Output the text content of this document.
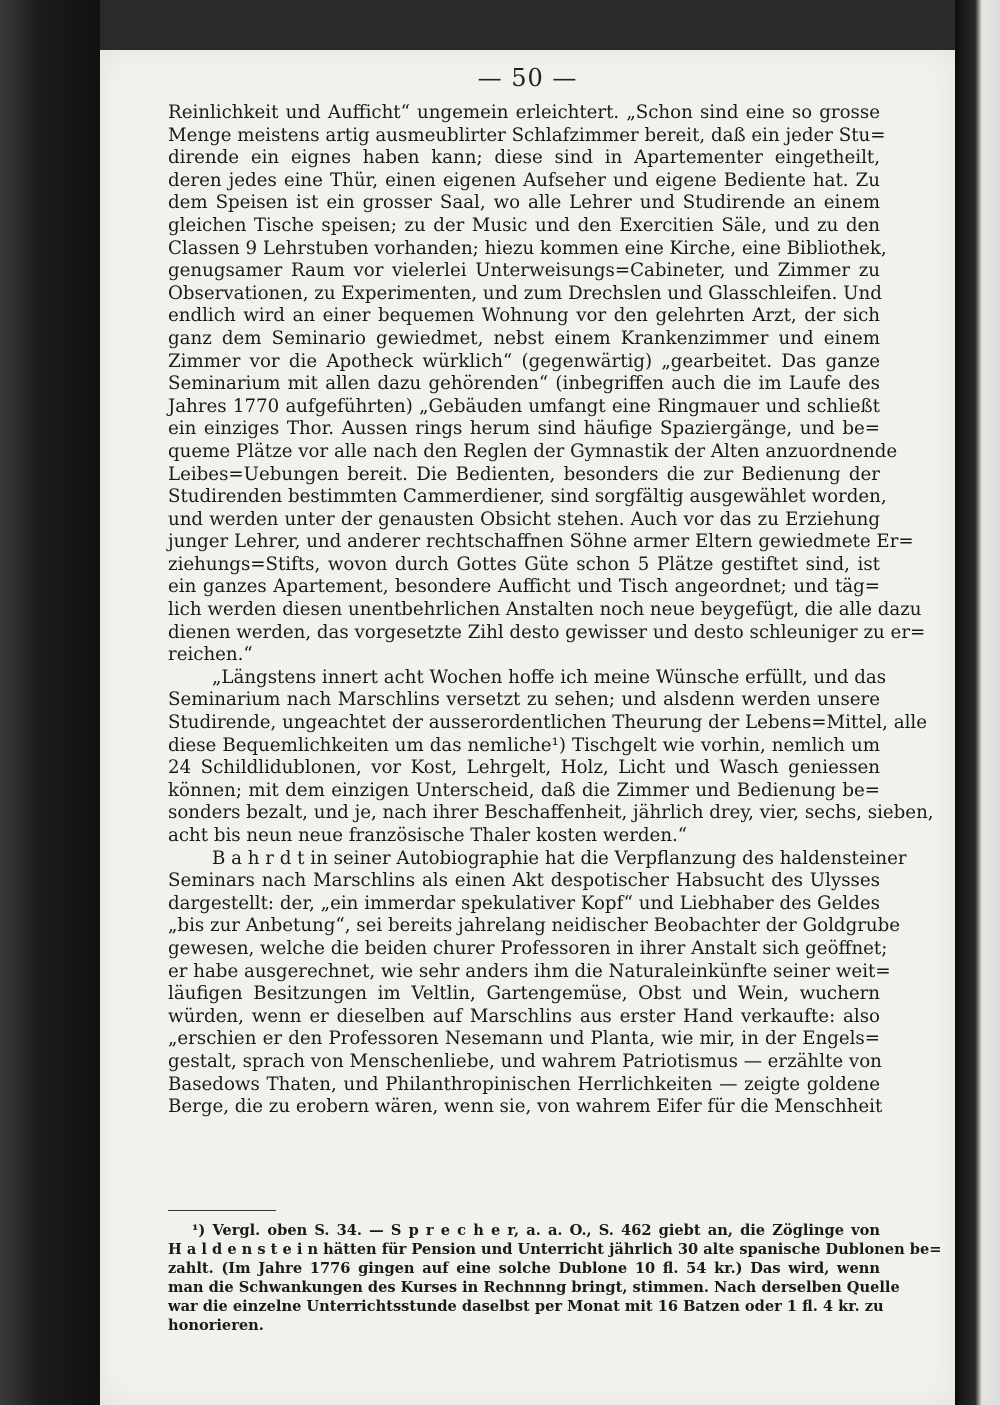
— 50 —
Reinlichkeit und Aufficht“ ungemein erleichtert. „Schon sind eine so grosse
Menge meistens artig ausmeublirter Schlafzimmer bereit, daß ein jeder Stu=
dirende ein eignes haben kann; diese sind in Apartementer eingetheilt,
deren jedes eine Thür, einen eigenen Aufseher und eigene Bediente hat. Zu
dem Speisen ist ein grosser Saal, wo alle Lehrer und Studirende an einem
gleichen Tische speisen; zu der Music und den Exercitien Säle, und zu den
Classen 9 Lehrstuben vorhanden; hiezu kommen eine Kirche, eine Bibliothek,
genugsamer Raum vor vielerlei Unterweisungs=Cabineter, und Zimmer zu
Observationen, zu Experimenten, und zum Drechslen und Glasschleifen. Und
endlich wird an einer bequemen Wohnung vor den gelehrten Arzt, der sich
ganz dem Seminario gewiedmet, nebst einem Krankenzimmer und einem
Zimmer vor die Apotheck würklich“ (gegenwärtig) „gearbeitet. Das ganze
Seminarium mit allen dazu gehörenden“ (inbegriffen auch die im Laufe des
Jahres 1770 aufgeführten) „Gebäuden umfangt eine Ringmauer und schließt
ein einziges Thor. Aussen rings herum sind häufige Spaziergänge, und be=
queme Plätze vor alle nach den Reglen der Gymnastik der Alten anzuordnende
Leibes=Uebungen bereit. Die Bedienten, besonders die zur Bedienung der
Studirenden bestimmten Cammerdiener, sind sorgfältig ausgewählet worden,
und werden unter der genausten Obsicht stehen. Auch vor das zu Erziehung
junger Lehrer, und anderer rechtschaffnen Söhne armer Eltern gewiedmete Er=
ziehungs=Stifts, wovon durch Gottes Güte schon 5 Plätze gestiftet sind, ist
ein ganzes Apartement, besondere Aufficht und Tisch angeordnet; und täg=
lich werden diesen unentbehrlichen Anstalten noch neue beygefügt, die alle dazu
dienen werden, das vorgesetzte Zihl desto gewisser und desto schleuniger zu er=
reichen.“
„Längstens innert acht Wochen hoffe ich meine Wünsche erfüllt, und das
Seminarium nach Marschlins versetzt zu sehen; und alsdenn werden unsere
Studirende, ungeachtet der ausserordentlichen Theurung der Lebens=Mittel, alle
diese Bequemlichkeiten um das nemliche¹) Tischgelt wie vorhin, nemlich um
24 Schildlidublonen, vor Kost, Lehrgelt, Holz, Licht und Wasch geniessen
können; mit dem einzigen Unterscheid, daß die Zimmer und Bedienung be=
sonders bezalt, und je, nach ihrer Beschaffenheit, jährlich drey, vier, sechs, sieben,
acht bis neun neue französische Thaler kosten werden.“
B a h r d t in seiner Autobiographie hat die Verpflanzung des haldensteiner
Seminars nach Marschlins als einen Akt despotischer Habsucht des Ulysses
dargestellt: der, „ein immerdar spekulativer Kopf“ und Liebhaber des Geldes
„bis zur Anbetung“, sei bereits jahrelang neidischer Beobachter der Goldgrube
gewesen, welche die beiden churer Professoren in ihrer Anstalt sich geöffnet;
er habe ausgerechnet, wie sehr anders ihm die Naturaleinkünfte seiner weit=
läufigen Besitzungen im Veltlin, Gartengemüse, Obst und Wein, wuchern
würden, wenn er dieselben auf Marschlins aus erster Hand verkaufte: also
„erschien er den Professoren Nesemann und Planta, wie mir, in der Engels=
gestalt, sprach von Menschenliebe, und wahrem Patriotismus — erzählte von
Basedows Thaten, und Philanthropinischen Herrlichkeiten — zeigte goldene
Berge, die zu erobern wären, wenn sie, von wahrem Eifer für die Menschheit
¹) Vergl. oben S. 34. — S p r e c h e r, a. a. O., S. 462 giebt an, die Zöglinge von
H a l d e n s t e i n hätten für Pension und Unterricht jährlich 30 alte spanische Dublonen be=
zahlt. (Im Jahre 1776 gingen auf eine solche Dublone 10 fl. 54 kr.) Das wird, wenn
man die Schwankungen des Kurses in Rechnnng bringt, stimmen. Nach derselben Quelle
war die einzelne Unterrichtsstunde daselbst per Monat mit 16 Batzen oder 1 fl. 4 kr. zu
honorieren.
